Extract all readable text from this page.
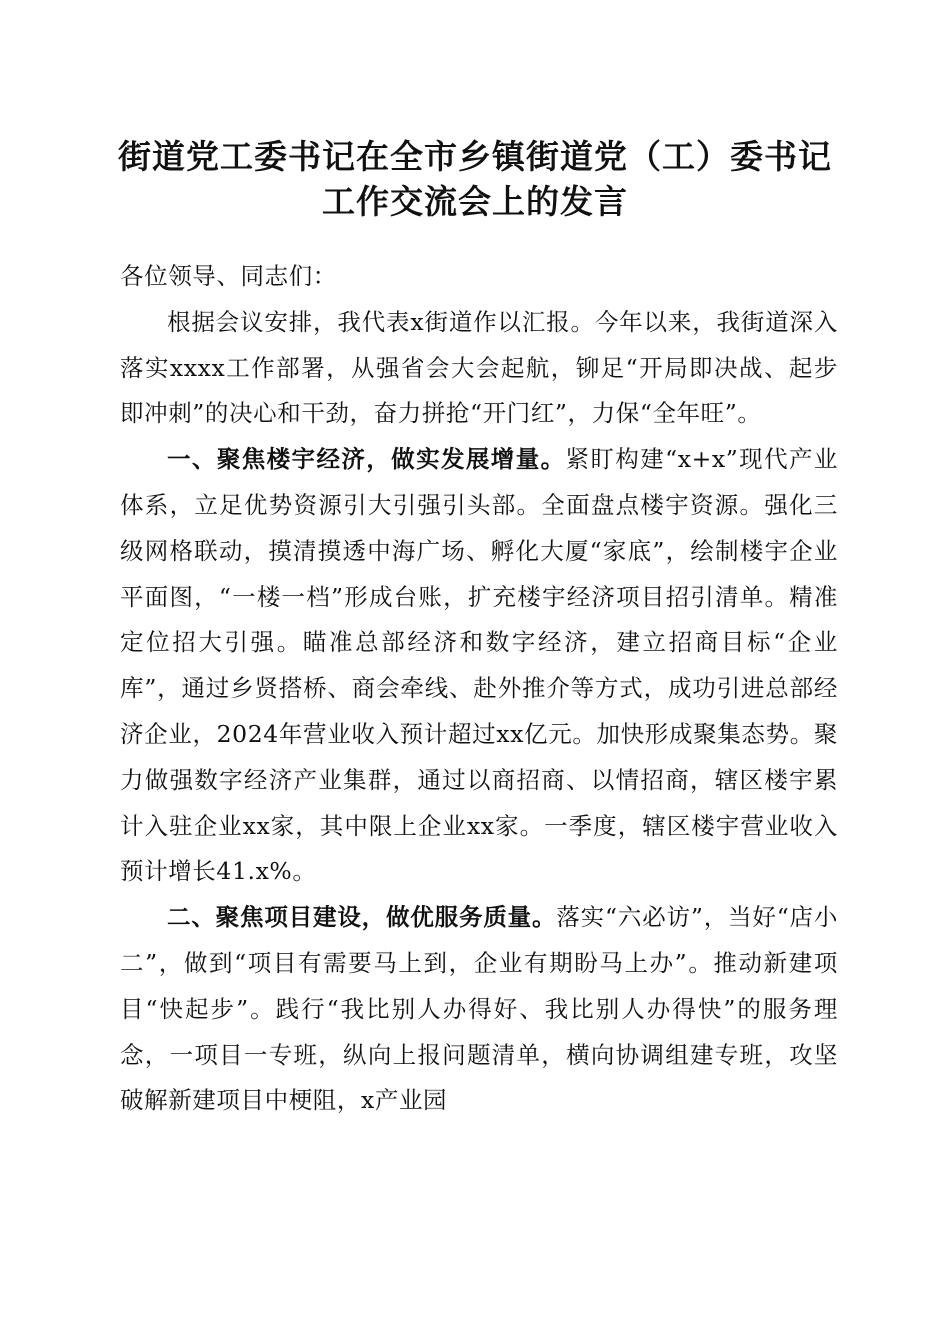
街道党工委书记在全市乡镇街道党（工）委书记工作交流会上的发言

各位领导、同志们：

根据会议安排，我代表x街道作以汇报。今年以来，我街道深入落实xxxx工作部署，从强省会大会起航，铆足“开局即决战、起步即冲刺”的决心和干劲，奋力拼抢“开门红”，力保“全年旺”。

一、聚焦楼宇经济，做实发展增量。紧盯构建“x+x”现代产业体系，立足优势资源引大引强引头部。全面盘点楼宇资源。强化三级网格联动，摸清摸透中海广场、孵化大厦“家底”，绘制楼宇企业平面图，“一楼一档”形成台账，扩充楼宇经济项目招引清单。精准定位招大引强。瞄准总部经济和数字经济，建立招商目标“企业库”，通过乡贤搭桥、商会牵线、赴外推介等方式，成功引进总部经济企业，2024年营业收入预计超过xx亿元。加快形成聚集态势。聚力做强数字经济产业集群，通过以商招商、以情招商，辖区楼宇累计入驻企业xx家，其中限上企业xx家。一季度，辖区楼宇营业收入预计增长41.x%。

二、聚焦项目建设，做优服务质量。落实“六必访”，当好“店小二”，做到“项目有需要马上到，企业有期盼马上办”。推动新建项目“快起步”。践行“我比别人办得好、我比别人办得快”的服务理念，一项目一专班，纵向上报问题清单，横向协调组建专班，攻坚破解新建项目中梗阻，x产业园
